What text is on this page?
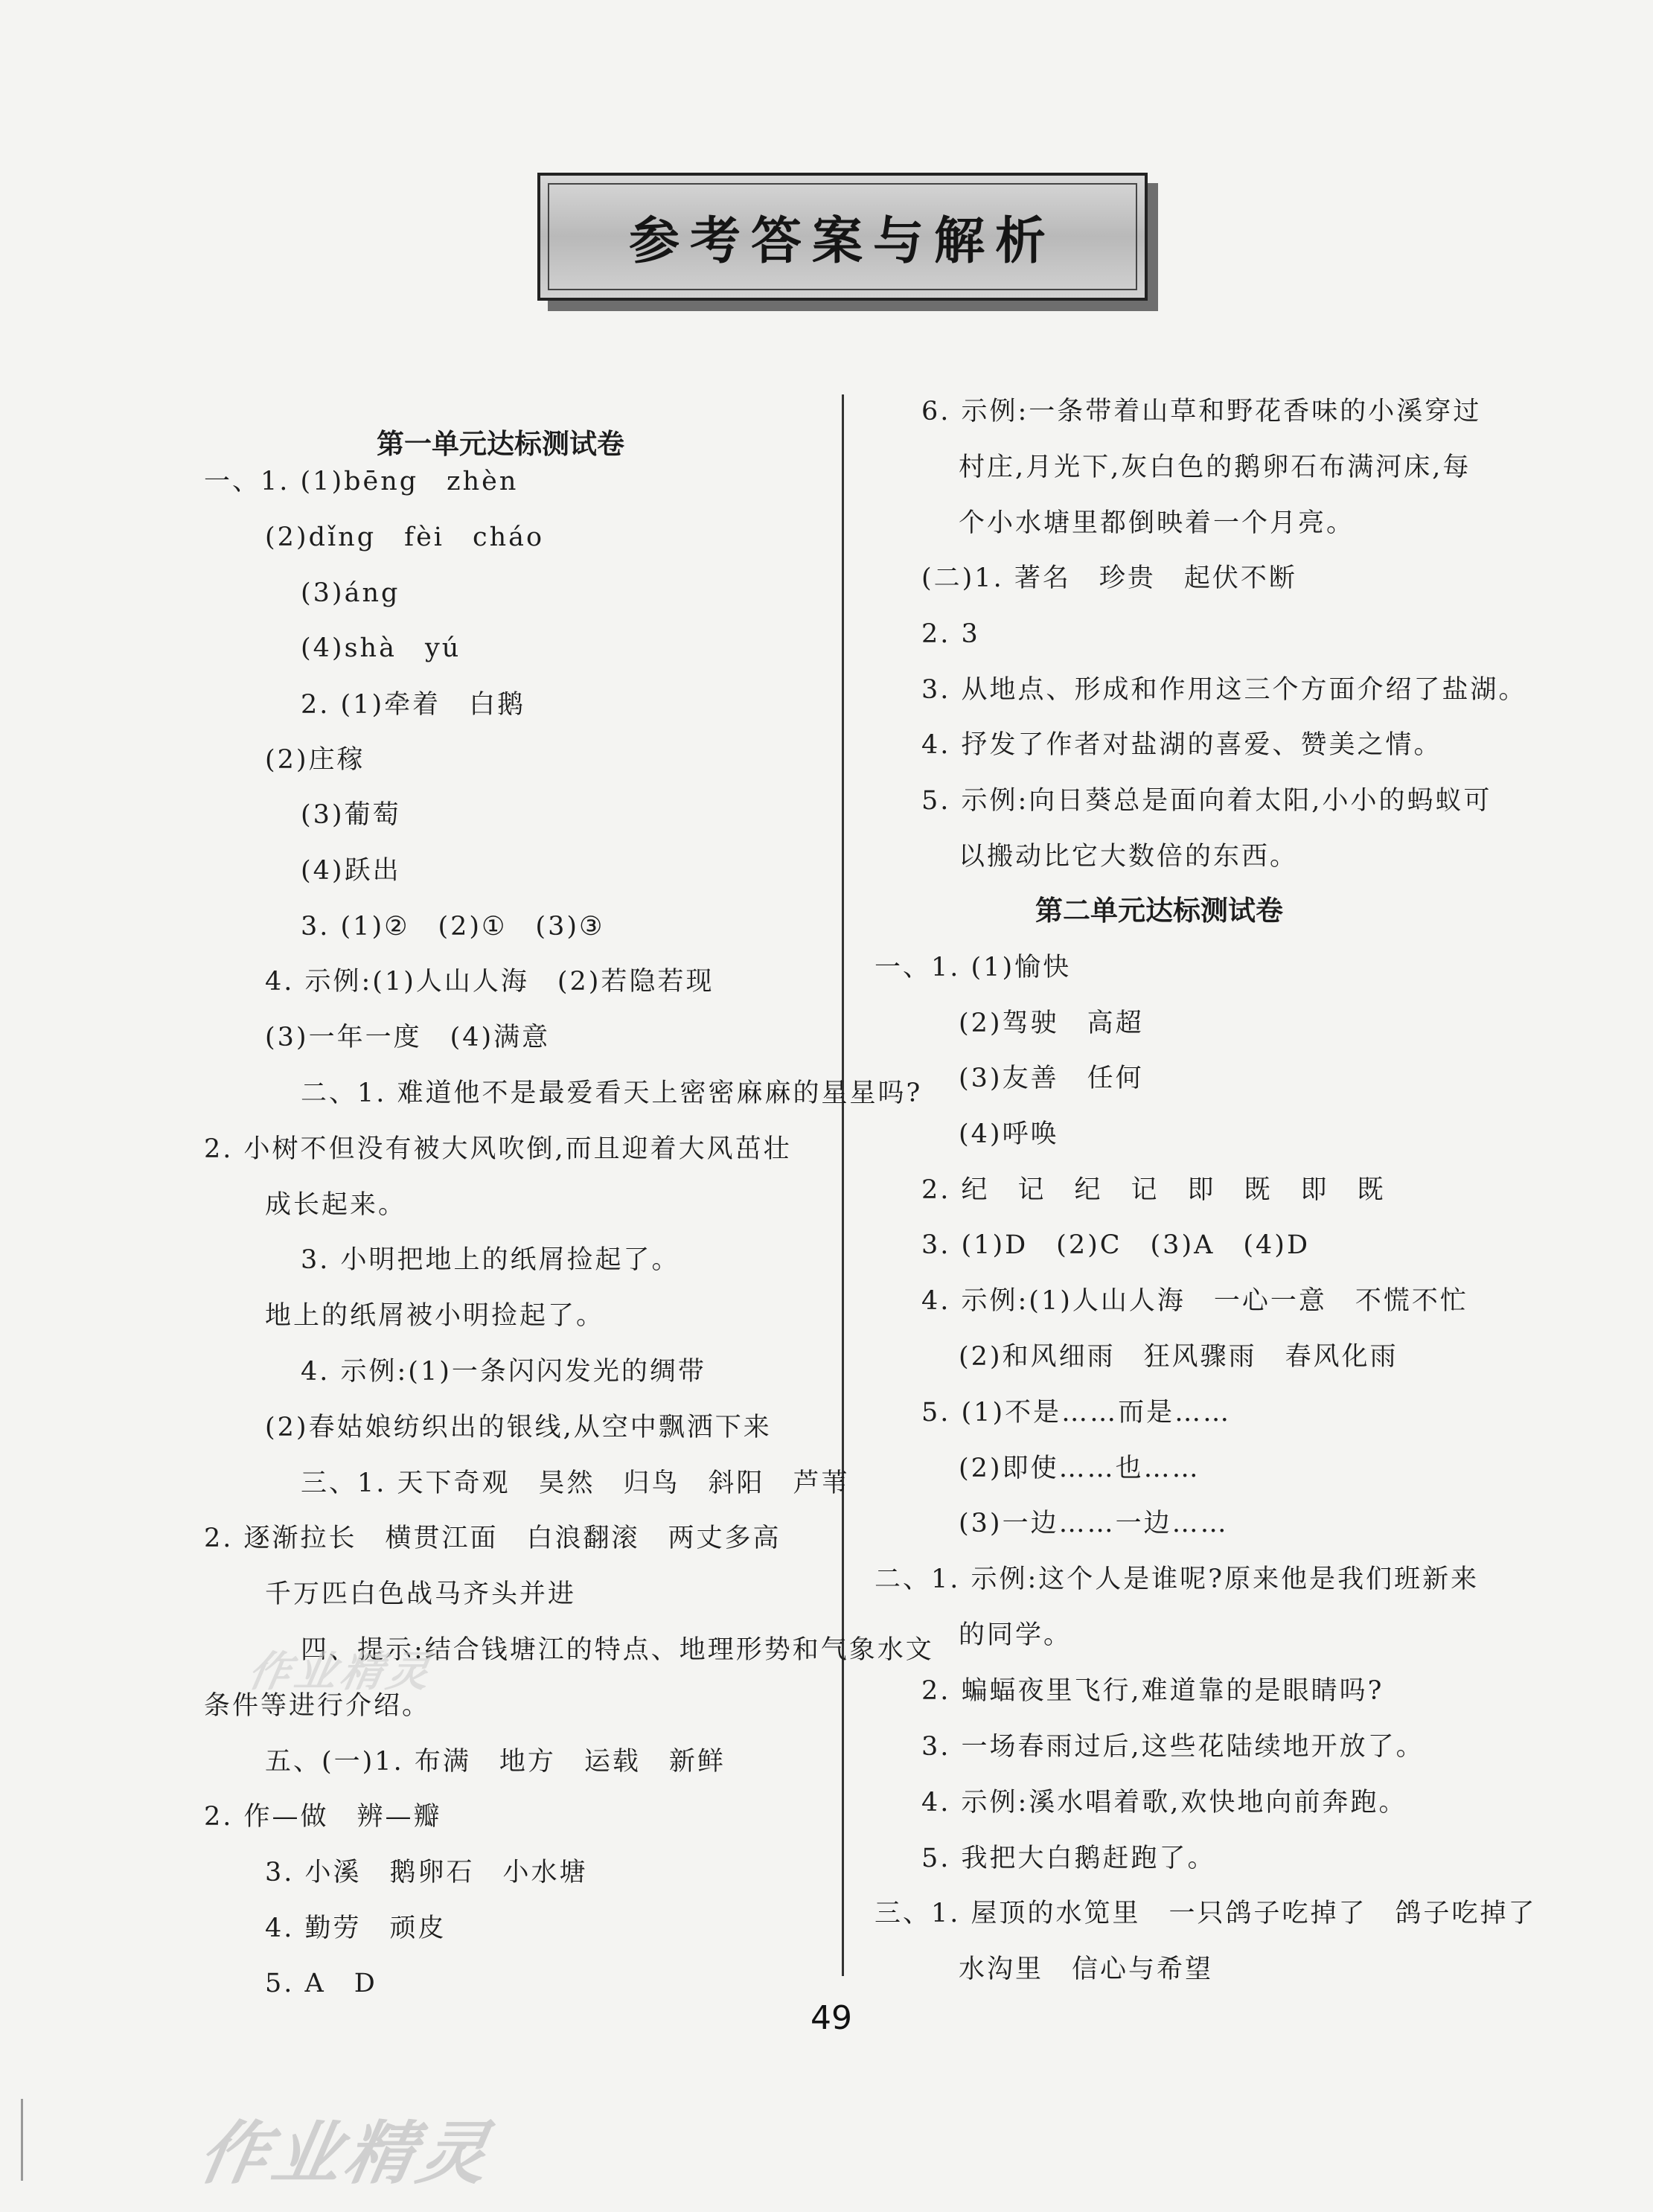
参考答案与解析
第一单元达标测试卷
一、1. (1)bēng　zhèn
(2)dǐng　fèi　cháo
(3)áng
(4)shà　yú
2. (1)牵着　白鹅
(2)庄稼
(3)葡萄
(4)跃出
3. (1)②　(2)①　(3)③
4. 示例:(1)人山人海　(2)若隐若现
(3)一年一度　(4)满意
二、1. 难道他不是最爱看天上密密麻麻的星星吗?
2. 小树不但没有被大风吹倒,而且迎着大风茁壮
成长起来。
3. 小明把地上的纸屑捡起了。
地上的纸屑被小明捡起了。
4. 示例:(1)一条闪闪发光的绸带
(2)春姑娘纺织出的银线,从空中飘洒下来
三、1. 天下奇观　昊然　归鸟　斜阳　芦苇
2. 逐渐拉长　横贯江面　白浪翻滚　两丈多高
千万匹白色战马齐头并进
四、提示:结合钱塘江的特点、地理形势和气象水文
条件等进行介绍。
五、(一)1. 布满　地方　运载　新鲜
2. 作—做　辨—瓣
3. 小溪　鹅卵石　小水塘
4. 勤劳　顽皮
5. A　D
6. 示例:一条带着山草和野花香味的小溪穿过
村庄,月光下,灰白色的鹅卵石布满河床,每
个小水塘里都倒映着一个月亮。
(二)1. 著名　珍贵　起伏不断
2. 3
3. 从地点、形成和作用这三个方面介绍了盐湖。
4. 抒发了作者对盐湖的喜爱、赞美之情。
5. 示例:向日葵总是面向着太阳,小小的蚂蚁可
以搬动比它大数倍的东西。
第二单元达标测试卷
一、1. (1)愉快
(2)驾驶　高超
(3)友善　任何
(4)呼唤
2. 纪　记　纪　记　即　既　即　既
3. (1)D　(2)C　(3)A　(4)D
4. 示例:(1)人山人海　一心一意　不慌不忙
(2)和风细雨　狂风骤雨　春风化雨
5. (1)不是……而是……
(2)即使……也……
(3)一边……一边……
二、1. 示例:这个人是谁呢?原来他是我们班新来
的同学。
2. 蝙蝠夜里飞行,难道靠的是眼睛吗?
3. 一场春雨过后,这些花陆续地开放了。
4. 示例:溪水唱着歌,欢快地向前奔跑。
5. 我把大白鹅赶跑了。
三、1. 屋顶的水笕里　一只鸽子吃掉了　鸽子吃掉了
水沟里　信心与希望
作业精灵
作业精灵
49
